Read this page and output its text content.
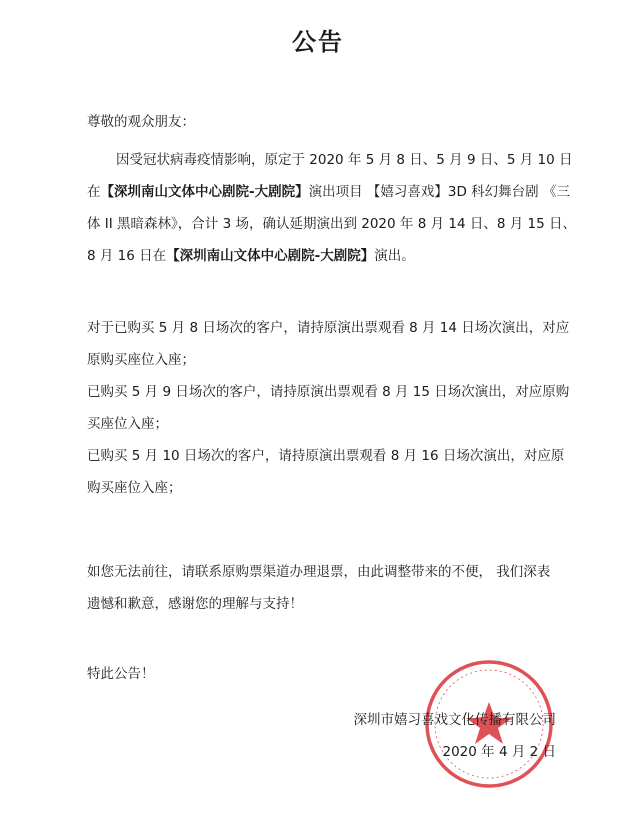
公告

尊敬的观众朋友：

因受冠状病毒疫情影响，原定于 2020 年 5 月 8 日、5 月 9 日、5 月 10 日

在【深圳南山文体中心剧院-大剧院】演出项目 【嬉习喜戏】3D 科幻舞台剧 《三

体 II 黑暗森林》，合计 3 场，确认延期演出到 2020 年 8 月 14 日、8 月 15 日、

8 月 16 日在【深圳南山文体中心剧院-大剧院】演出。

对于已购买 5 月 8 日场次的客户，请持原演出票观看 8 月 14 日场次演出，对应

原购买座位入座；

已购买 5 月 9 日场次的客户，请持原演出票观看 8 月 15 日场次演出，对应原购

买座位入座；

已购买 5 月 10 日场次的客户，请持原演出票观看 8 月 16 日场次演出，对应原

购买座位入座；

如您无法前往，请联系原购票渠道办理退票，由此调整带来的不便， 我们深表

遗憾和歉意，感谢您的理解与支持！

特此公告！

深圳市嬉习喜戏文化传播有限公司
2020 年 4 月 2 日
